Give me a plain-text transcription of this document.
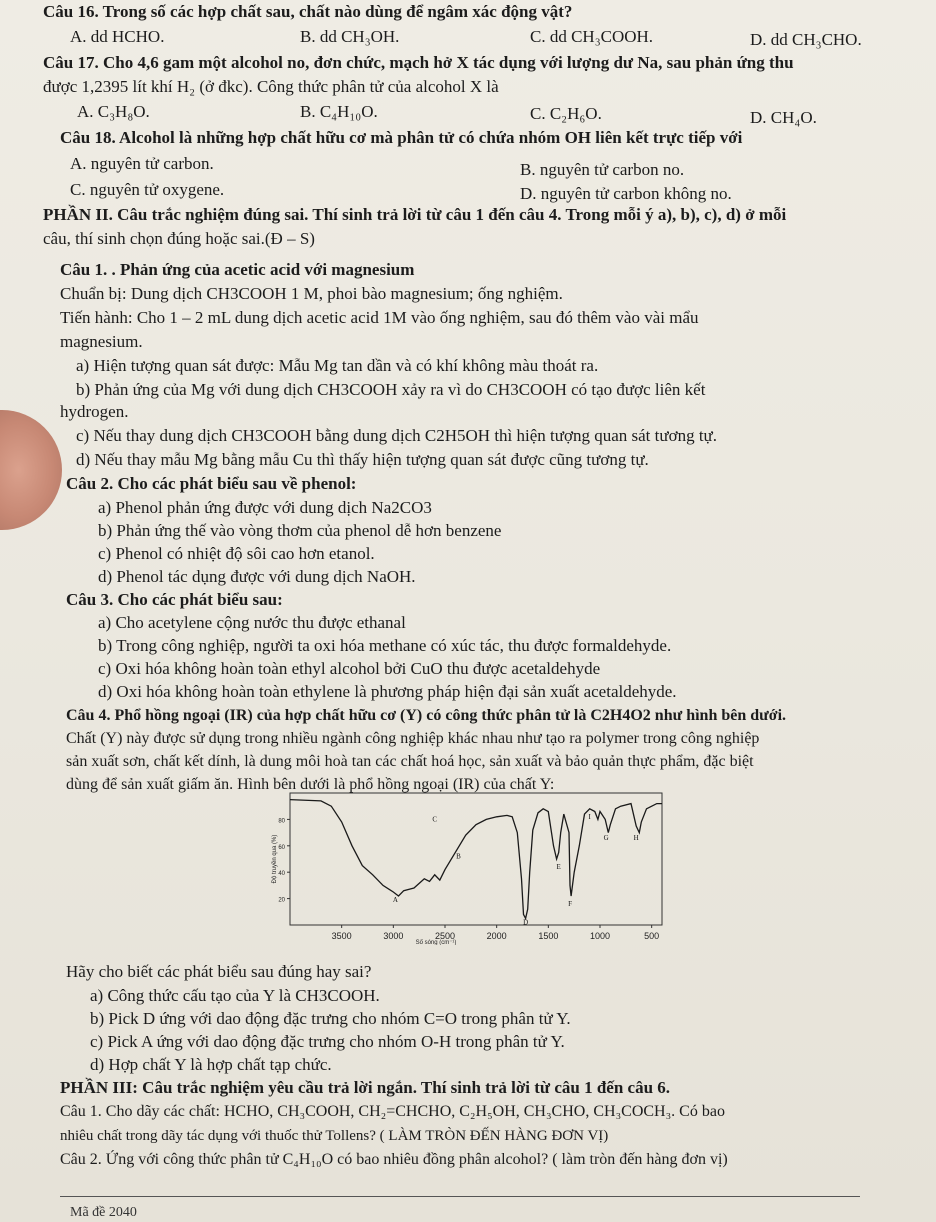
Câu 16. Trong số các hợp chất sau, chất nào dùng để ngâm xác động vật?
A. dd HCHO.	B. dd CH₃OH.	C. dd CH₃COOH.	D. dd CH₃CHO.
Câu 17. Cho 4,6 gam một alcohol no, đơn chức, mạch hở X tác dụng với lượng dư Na, sau phản ứng thu
được 1,2395 lít khí H₂ (ở đkc). Công thức phân tử của alcohol X là
A. C₃H₈O.	B. C₄H₁₀O.	C. C₂H₆O.	D. CH₄O.
Câu 18. Alcohol là những hợp chất hữu cơ mà phân tử có chứa nhóm OH liên kết trực tiếp với
A. nguyên tử carbon.	B. nguyên tử carbon no.
C. nguyên tử oxygene.	D. nguyên tử carbon không no.
PHẦN II. Câu trắc nghiệm đúng sai. Thí sinh trả lời từ câu 1 đến câu 4. Trong mỗi ý a), b), c), d) ở mỗi
câu, thí sinh chọn đúng hoặc sai.(Đ – S)
Câu 1. . Phản ứng của acetic acid với magnesium
Chuẩn bị: Dung dịch CH3COOH 1 M, phoi bào magnesium; ống nghiệm.
Tiến hành: Cho 1 – 2 mL dung dịch acetic acid 1M vào ống nghiệm, sau đó thêm vào vài mẩu
magnesium.
a) Hiện tượng quan sát được: Mẫu Mg tan dần và có khí không màu thoát ra.
b) Phản ứng của Mg với dung dịch CH3COOH xảy ra vì do CH3COOH có tạo được liên kết
hydrogen.
c) Nếu thay dung dịch CH3COOH bằng dung dịch C2H5OH thì hiện tượng quan sát tương tự.
d) Nếu thay mẫu Mg bằng mẫu Cu thì thấy hiện tượng quan sát được cũng tương tự.
Câu 2. Cho các phát biểu sau về phenol:
a) Phenol phản ứng được với dung dịch Na2CO3
b) Phản ứng thế vào vòng thơm của phenol dễ hơn benzene
c) Phenol có nhiệt độ sôi cao hơn etanol.
d) Phenol tác dụng được với dung dịch NaOH.
Câu 3. Cho các phát biểu sau:
a) Cho acetylene cộng nước thu được ethanal
b) Trong công nghiệp, người ta oxi hóa methane có xúc tác, thu được formaldehyde.
c) Oxi hóa không hoàn toàn ethyl alcohol bởi CuO thu được acetaldehyde
d) Oxi hóa không hoàn toàn ethylene là phương pháp hiện đại sản xuất acetaldehyde.
Câu 4. Phổ hồng ngoại (IR) của hợp chất hữu cơ (Y) có công thức phân tử là C2H4O2 như hình bên dưới.
Chất (Y) này được sử dụng trong nhiều ngành công nghiệp khác nhau như tạo ra polymer trong công nghiệp
sản xuất sơn, chất kết dính, là dung môi hoà tan các chất hoá học, sản xuất và bảo quản thực phẩm, đặc biệt
dùng để sản xuất giấm ăn. Hình bên dưới là phổ hồng ngoại (IR) của chất Y:
3500	3000	2500	2000	1500	1000	500
20
40
60
80
Số sóng (cm⁻¹)
Độ truyền qua (%)
A
B
C
D
E
F
G	H
I
Hãy cho biết các phát biểu sau đúng hay sai?
a) Công thức cấu tạo của Y là CH3COOH.
b) Pick D ứng với dao động đặc trưng cho nhóm C=O trong phân tử Y.
c) Pick A ứng với dao động đặc trưng cho nhóm O-H trong phân tử Y.
d) Hợp chất Y là hợp chất tạp chức.
PHẦN III: Câu trắc nghiệm yêu cầu trả lời ngắn. Thí sinh trả lời từ câu 1 đến câu 6.
Câu 1. Cho dãy các chất: HCHO, CH₃COOH, CH₂=CHCHO, C₂H₅OH, CH₃CHO, CH₃COCH₃. Có bao
nhiêu chất trong dãy tác dụng với thuốc thử Tollens? ( LÀM TRÒN ĐẾN HÀNG ĐƠN VỊ)
Câu 2. Ứng với công thức phân tử C₄H₁₀O có bao nhiêu đồng phân alcohol? ( làm tròn đến hàng đơn vị)
Mã đề 2040
